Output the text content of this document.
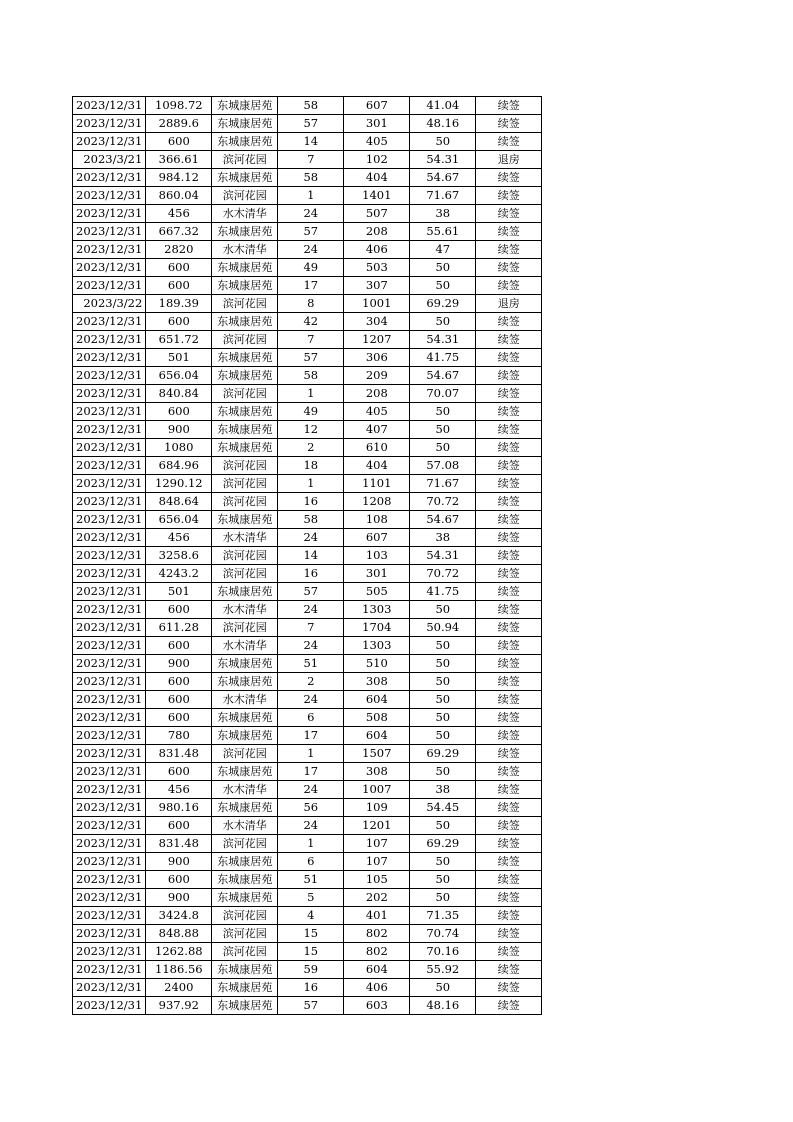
2023/12/31	1098.72	东城康居苑	58	607	41.04	续签
2023/12/31	2889.6	东城康居苑	57	301	48.16	续签
2023/12/31	600	东城康居苑	14	405	50	续签
2023/3/21	366.61	滨河花园	7	102	54.31	退房
2023/12/31	984.12	东城康居苑	58	404	54.67	续签
2023/12/31	860.04	滨河花园	1	1401	71.67	续签
2023/12/31	456	水木清华	24	507	38	续签
2023/12/31	667.32	东城康居苑	57	208	55.61	续签
2023/12/31	2820	水木清华	24	406	47	续签
2023/12/31	600	东城康居苑	49	503	50	续签
2023/12/31	600	东城康居苑	17	307	50	续签
2023/3/22	189.39	滨河花园	8	1001	69.29	退房
2023/12/31	600	东城康居苑	42	304	50	续签
2023/12/31	651.72	滨河花园	7	1207	54.31	续签
2023/12/31	501	东城康居苑	57	306	41.75	续签
2023/12/31	656.04	东城康居苑	58	209	54.67	续签
2023/12/31	840.84	滨河花园	1	208	70.07	续签
2023/12/31	600	东城康居苑	49	405	50	续签
2023/12/31	900	东城康居苑	12	407	50	续签
2023/12/31	1080	东城康居苑	2	610	50	续签
2023/12/31	684.96	滨河花园	18	404	57.08	续签
2023/12/31	1290.12	滨河花园	1	1101	71.67	续签
2023/12/31	848.64	滨河花园	16	1208	70.72	续签
2023/12/31	656.04	东城康居苑	58	108	54.67	续签
2023/12/31	456	水木清华	24	607	38	续签
2023/12/31	3258.6	滨河花园	14	103	54.31	续签
2023/12/31	4243.2	滨河花园	16	301	70.72	续签
2023/12/31	501	东城康居苑	57	505	41.75	续签
2023/12/31	600	水木清华	24	1303	50	续签
2023/12/31	611.28	滨河花园	7	1704	50.94	续签
2023/12/31	600	水木清华	24	1303	50	续签
2023/12/31	900	东城康居苑	51	510	50	续签
2023/12/31	600	东城康居苑	2	308	50	续签
2023/12/31	600	水木清华	24	604	50	续签
2023/12/31	600	东城康居苑	6	508	50	续签
2023/12/31	780	东城康居苑	17	604	50	续签
2023/12/31	831.48	滨河花园	1	1507	69.29	续签
2023/12/31	600	东城康居苑	17	308	50	续签
2023/12/31	456	水木清华	24	1007	38	续签
2023/12/31	980.16	东城康居苑	56	109	54.45	续签
2023/12/31	600	水木清华	24	1201	50	续签
2023/12/31	831.48	滨河花园	1	107	69.29	续签
2023/12/31	900	东城康居苑	6	107	50	续签
2023/12/31	600	东城康居苑	51	105	50	续签
2023/12/31	900	东城康居苑	5	202	50	续签
2023/12/31	3424.8	滨河花园	4	401	71.35	续签
2023/12/31	848.88	滨河花园	15	802	70.74	续签
2023/12/31	1262.88	滨河花园	15	802	70.16	续签
2023/12/31	1186.56	东城康居苑	59	604	55.92	续签
2023/12/31	2400	东城康居苑	16	406	50	续签
2023/12/31	937.92	东城康居苑	57	603	48.16	续签
